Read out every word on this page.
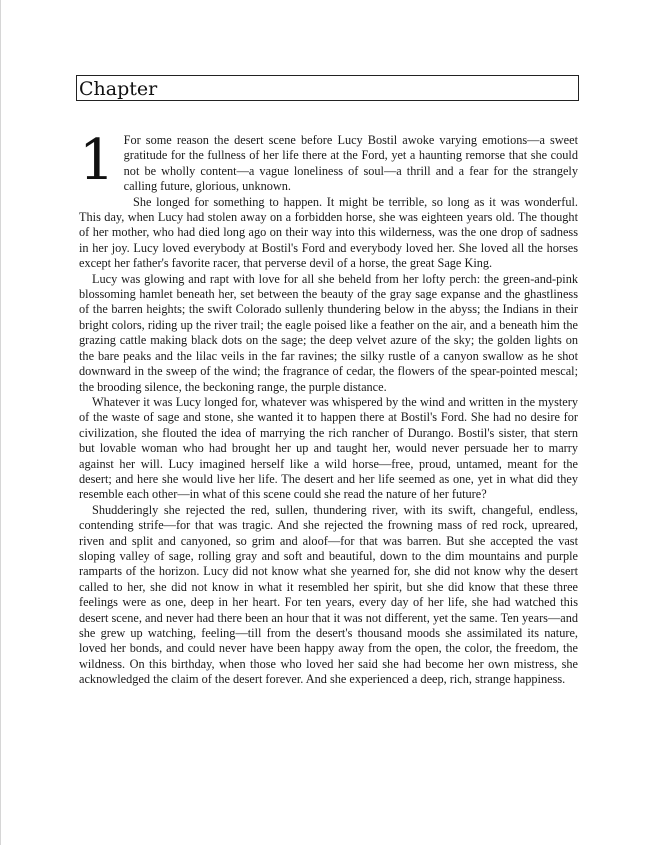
Chapter
1 For some reason the desert scene before Lucy Bostil awoke varying emotions—a sweet gratitude for the fullness of her life there at the Ford, yet a haunting remorse that she could not be wholly content—a vague loneliness of soul—a thrill and a fear for the strangely calling future, glorious, unknown.

She longed for something to happen. It might be terrible, so long as it was wonderful. This day, when Lucy had stolen away on a forbidden horse, she was eighteen years old. The thought of her mother, who had died long ago on their way into this wilderness, was the one drop of sadness in her joy. Lucy loved everybody at Bostil's Ford and everybody loved her. She loved all the horses except her father's favorite racer, that perverse devil of a horse, the great Sage King.

Lucy was glowing and rapt with love for all she beheld from her lofty perch: the green-and-pink blossoming hamlet beneath her, set between the beauty of the gray sage expanse and the ghastliness of the barren heights; the swift Colorado sullenly thundering below in the abyss; the Indians in their bright colors, riding up the river trail; the eagle poised like a feather on the air, and a beneath him the grazing cattle making black dots on the sage; the deep velvet azure of the sky; the golden lights on the bare peaks and the lilac veils in the far ravines; the silky rustle of a canyon swallow as he shot downward in the sweep of the wind; the fragrance of cedar, the flowers of the spear-pointed mescal; the brooding silence, the beckoning range, the purple distance.

Whatever it was Lucy longed for, whatever was whispered by the wind and written in the mystery of the waste of sage and stone, she wanted it to happen there at Bostil's Ford. She had no desire for civilization, she flouted the idea of marrying the rich rancher of Durango. Bostil's sister, that stern but lovable woman who had brought her up and taught her, would never persuade her to marry against her will. Lucy imagined herself like a wild horse—free, proud, untamed, meant for the desert; and here she would live her life. The desert and her life seemed as one, yet in what did they resemble each other—in what of this scene could she read the nature of her future?

Shudderingly she rejected the red, sullen, thundering river, with its swift, changeful, endless, contending strife—for that was tragic. And she rejected the frowning mass of red rock, upreared, riven and split and canyoned, so grim and aloof—for that was barren. But she accepted the vast sloping valley of sage, rolling gray and soft and beautiful, down to the dim mountains and purple ramparts of the horizon. Lucy did not know what she yearned for, she did not know why the desert called to her, she did not know in what it resembled her spirit, but she did know that these three feelings were as one, deep in her heart. For ten years, every day of her life, she had watched this desert scene, and never had there been an hour that it was not different, yet the same. Ten years—and she grew up watching, feeling—till from the desert's thousand moods she assimilated its nature, loved her bonds, and could never have been happy away from the open, the color, the freedom, the wildness. On this birthday, when those who loved her said she had become her own mistress, she acknowledged the claim of the desert forever. And she experienced a deep, rich, strange happiness.
